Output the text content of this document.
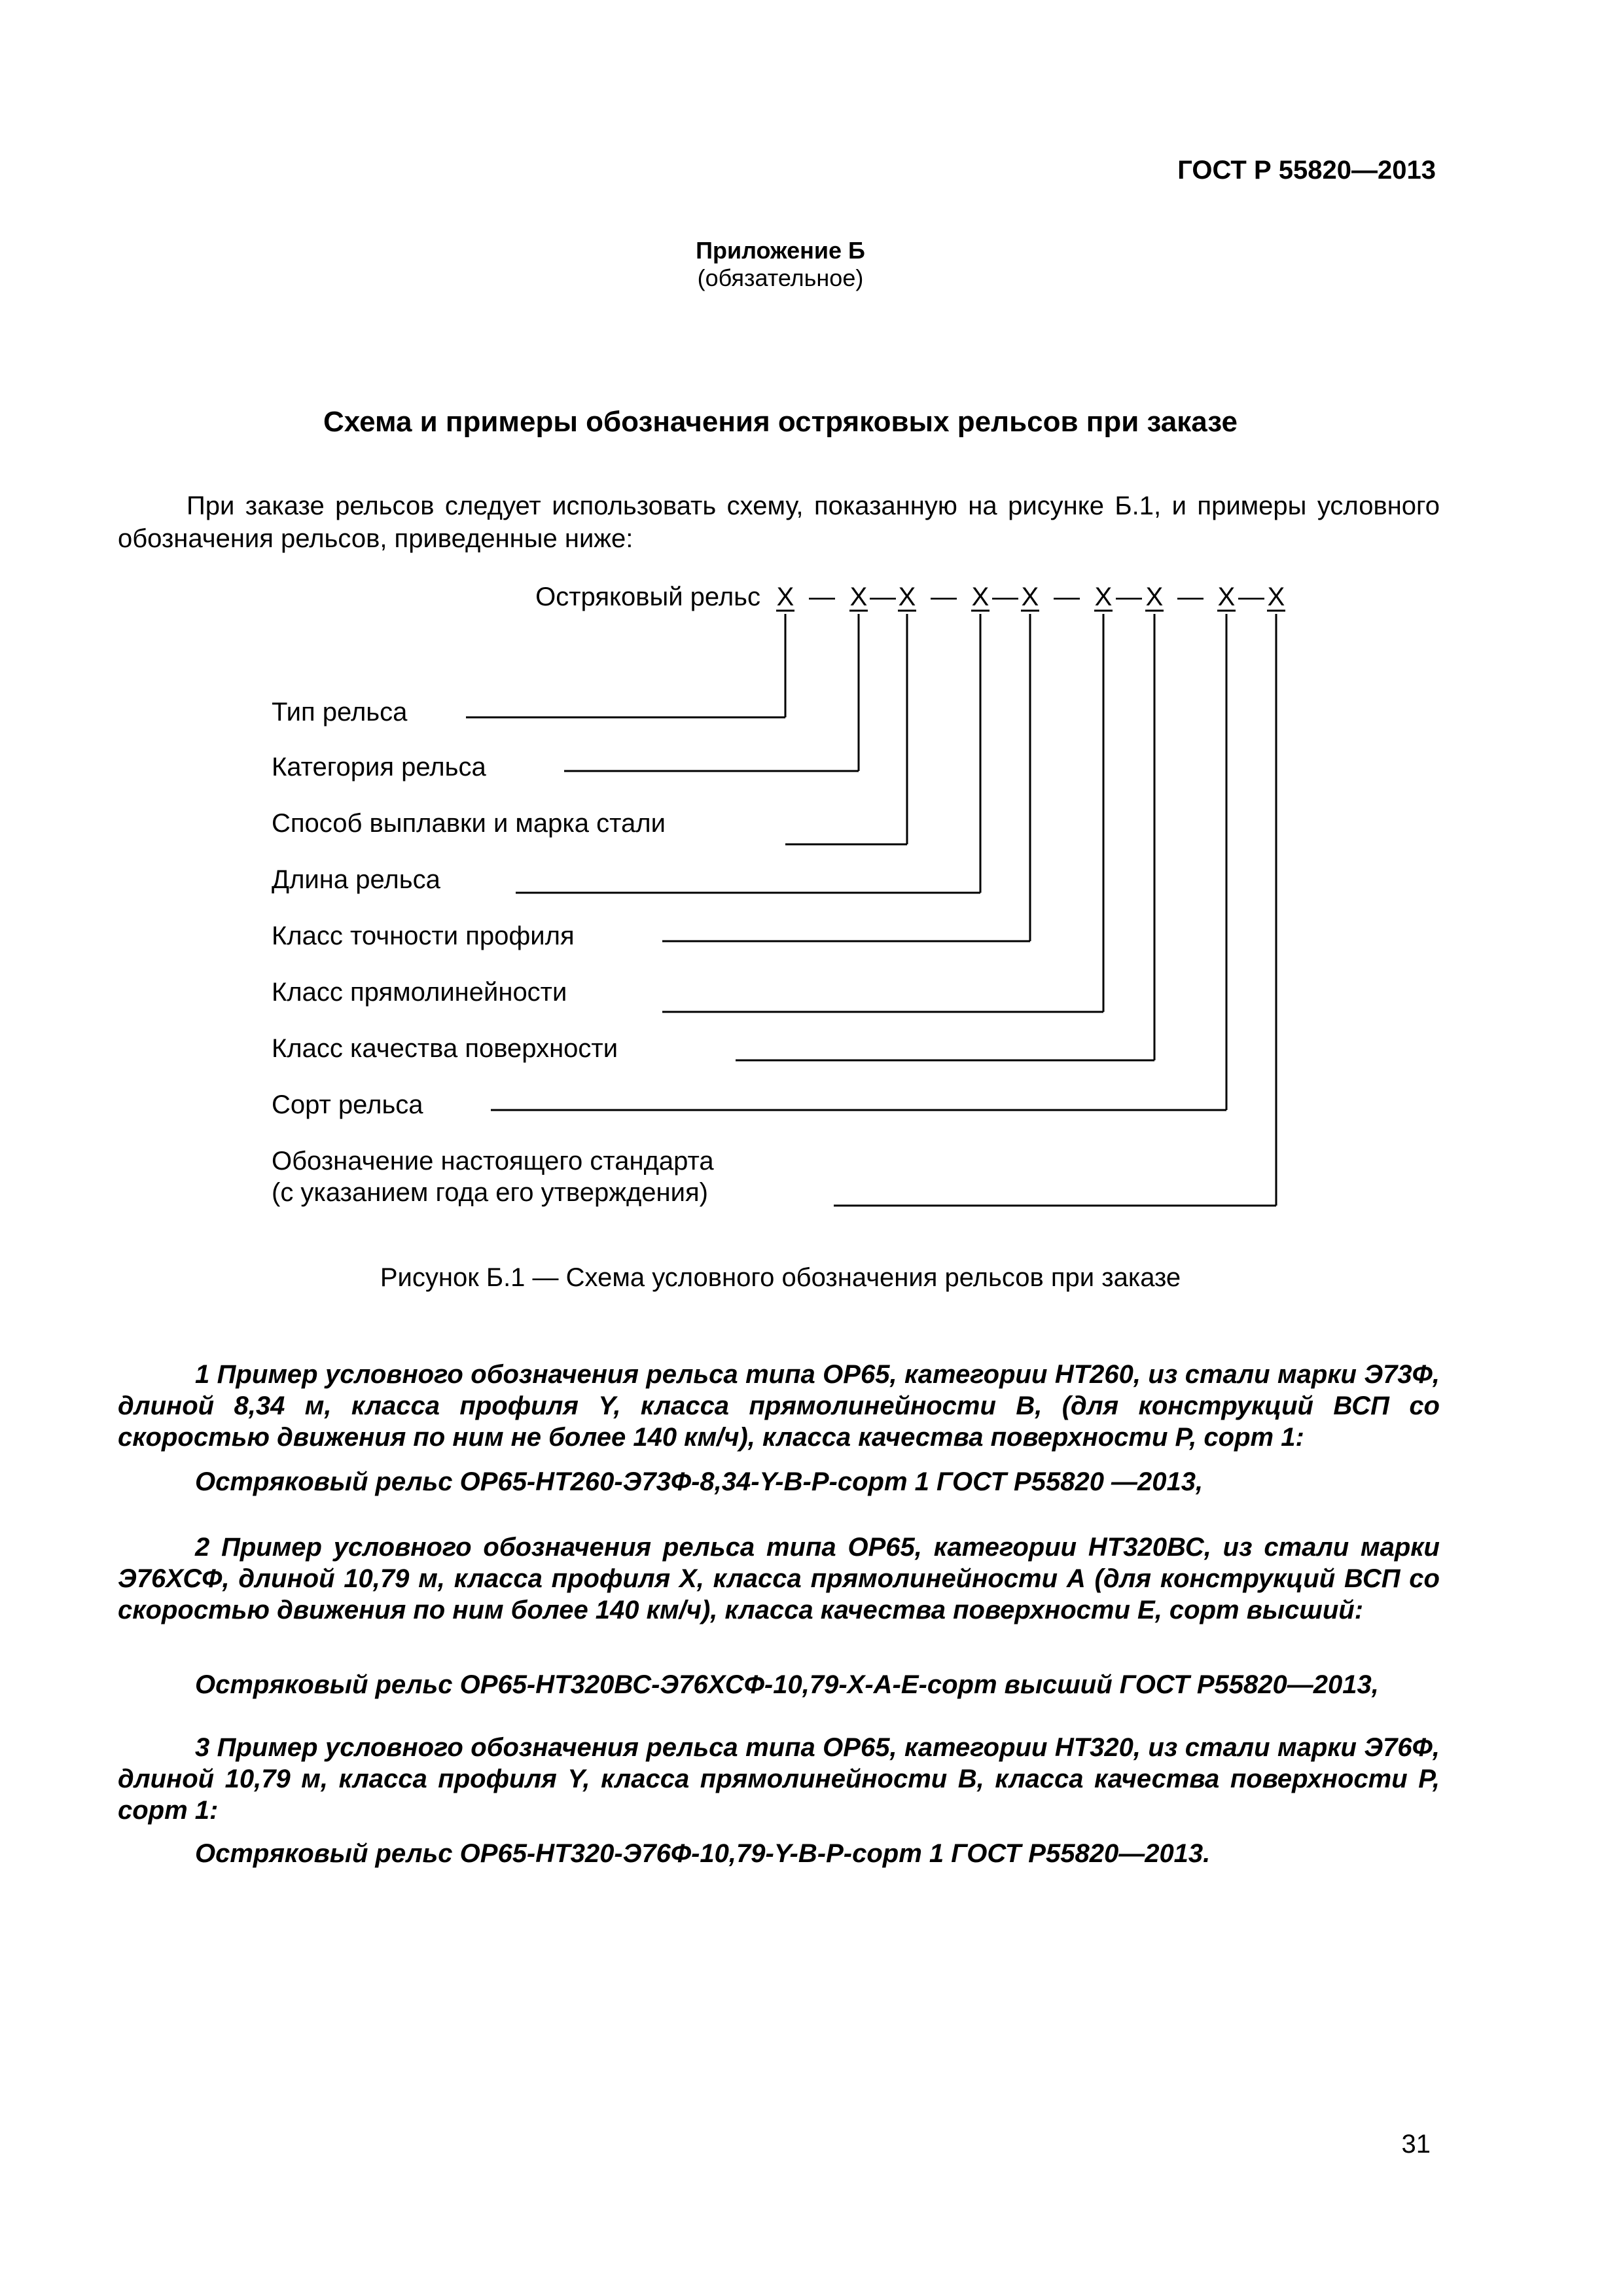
ГОСТ Р 55820—2013
Приложение Б
(обязательное)
Схема и примеры обозначения остряковых рельсов при заказе
При заказе рельсов следует использовать схему, показанную на рисунке Б.1, и примеры условного обозначения рельсов, приведенные ниже:
Остряковый рельс Х — Х — Х — Х — Х — Х — Х — Х — Х
Тип рельса
Категория рельса
Способ выплавки и марка стали
Длина рельса
Класс точности профиля
Класс прямолинейности
Класс качества поверхности
Сорт рельса
Обозначение настоящего стандарта
(с указанием года его утверждения)
Рисунок Б.1 — Схема условного обозначения рельсов при заказе
1 Пример условного обозначения рельса типа ОР65, категории НТ260, из стали марки Э73Ф, длиной 8,34 м, класса профиля Y, класса прямолинейности В, (для конструкций ВСП со скоростью движения по ним не более 140 км/ч), класса качества поверхности Р, сорт 1:
Остряковый рельс ОР65-НТ260-Э73Ф-8,34-Y-В-Р-сорт 1 ГОСТ Р55820 —2013,
2 Пример условного обозначения рельса типа ОР65, категории НТ320ВС, из стали марки Э76ХСФ, длиной 10,79 м, класса профиля Х, класса прямолинейности А (для конструкций ВСП со скоростью движения по ним более 140 км/ч), класса качества поверхности Е, сорт высший:
Остряковый рельс ОР65-НТ320ВС-Э76ХСФ-10,79-Х-А-Е-сорт высший ГОСТ Р55820—2013,
3 Пример условного обозначения рельса типа ОР65, категории НТ320, из стали марки Э76Ф, длиной 10,79 м, класса профиля Y, класса прямолинейности В, класса качества поверхности Р, сорт 1:
Остряковый рельс ОР65-НТ320-Э76Ф-10,79-Y-В-Р-сорт 1 ГОСТ Р55820—2013.
31
